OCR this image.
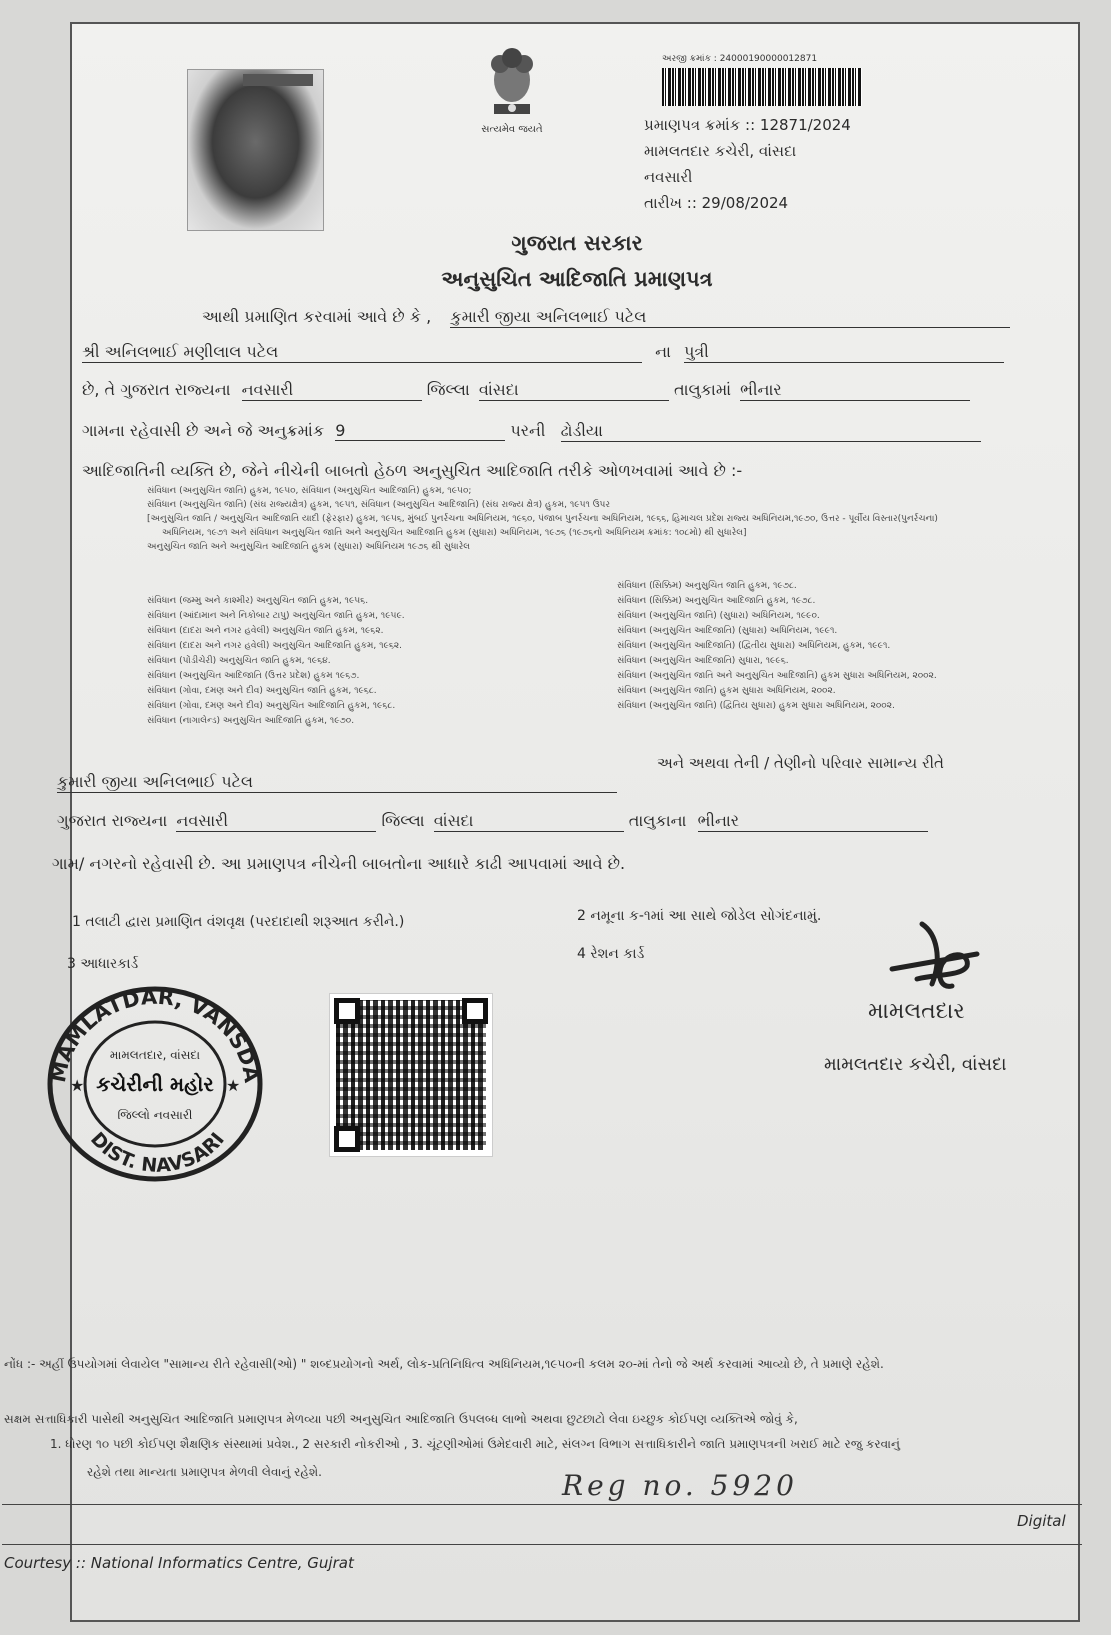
સત્યમેવ જયતે
અરજી ક્રમાંક : 24000190000012871
પ્રમાણપત્ર ક્રમાંક :: 12871/2024
મામલતદાર કચેરી, વાંસદા
નવસારી
તારીખ :: 29/08/2024
ગુજરાત સરકાર
અનુસુચિત આદિજાતિ પ્રમાણપત્ર
આથી પ્રમાણિત કરવામાં આવે છે કે , કુમારી જીયા અનિલભાઈ પટેલ
શ્રી અનિલભાઈ મણીલાલ પટેલ	ના પુત્રી
છે, તે ગુજરાત રાજ્યના નવસારી	જિલ્લા વાંસદા	તાલુકામાં ભીનાર
ગામના રહેવાસી છે અને જે અનુક્રમાંક 9	પરની ઢોડીયા
આદિજાતિની વ્યક્તિ છે, જેને નીચેની બાબતો હેઠળ અનુસુચિત આદિજાતિ તરીકે ઓળખવામાં આવે છે :-
સંવિધાન (અનુસુચિત જાતિ) હુકમ, ૧૯૫૦, સંવિધાન (અનુસુચિત આદિજાતિ) હુકમ, ૧૯૫૦;
સંવિધાન (અનુસુચિત જાતિ) (સંઘ રાજ્યક્ષેત્ર) હુકમ, ૧૯૫૧, સંવિધાન (અનુસુચિત આદિજાતિ) (સંઘ રાજ્ય ક્ષેત્ર) હુકમ, ૧૯૫૧ ઉપર
[અનુસુચિત જાતિ / અનુસુચિત આદિજાતિ યાદી (ફેરફાર) હુકમ, ૧૯૫૬, મુંબઈ પુનર્રચના અધિનિયમ, ૧૯૬૦, પંજાબ પુનર્રચના અધિનિયમ, ૧૯૬૬, હિમાચલ પ્રદેશ રાજ્ય અધિનિયમ,૧૯૭૦, ઉત્તર - પૂર્વીય વિસ્તાર(પુનર્રચના)
અધિનિયમ, ૧૯૭૧ અને સંવિધાન અનુસુચિત જાતિ અને અનુસુચિત આદિજાતિ હુકમ (સુધારા) અધિનિયમ, ૧૯૭૬ (૧૯૭૬નો અધિનિયમ ક્રમાંક: ૧૦૮મો) થી સુધારેલ]
અનુસુચિત જાતિ અને અનુસુચિત આદિજાતિ હુકમ (સુધારા) અધિનિયમ ૧૯૭૬ થી સુધારેલ
સંવિધાન (જમ્મુ અને કાશ્મીર) અનુસુચિત જાતિ હુકમ, ૧૯૫૬.
સંવિધાન (આંદામાન અને નિકોબાર ટાપુ) અનુસુચિત જાતિ હુકમ, ૧૯૫૯.
સંવિધાન (દાદરા અને નગર હવેલી) અનુસુચિત જાતિ હુકમ, ૧૯૬૨.
સંવિધાન (દાદરા અને નગર હવેલી) અનુસુચિત આદિજાતિ હુકમ, ૧૯૬૨.
સંવિધાન (પોંડીચેરી) અનુસુચિત જાતિ હુકમ, ૧૯૬૪.
સંવિધાન (અનુસુચિત આદિજાતિ (ઉત્તર પ્રદેશ) હુકમ ૧૯૬૭.
સંવિધાન (ગોવા, દમણ અને દીવ) અનુસુચિત જાતિ હુકમ, ૧૯૬૮.
સંવિધાન (ગોવા, દમણ અને દીવ) અનુસુચિત આદિજાતિ હુકમ, ૧૯૬૮.
સંવિધાન (નાગાલેન્ડ) અનુસુચિત આદિજાતિ હુકમ, ૧૯૭૦.
સંવિધાન (સિક્કિમ) અનુસુચિત જાતિ હુકમ, ૧૯૭૮.
સંવિધાન (સિક્કિમ) અનુસુચિત આદિજાતિ હુકમ, ૧૯૭૮.
સંવિધાન (અનુસુચિત જાતિ) (સુધારા) અધિનિયમ, ૧૯૯૦.
સંવિધાન (અનુસુચિત આદિજાતિ) (સુધારા) અધિનિયમ, ૧૯૯૧.
સંવિધાન (અનુસુચિત આદિજાતિ) (દ્વિતીય સુધારા) અધિનિયમ, હુકમ, ૧૯૯૧.
સંવિધાન (અનુસુચિત આદિજાતિ) સુધારા, ૧૯૯૬.
સંવિધાન (અનુસુચિત જાતિ અને અનુસુચિત આદિજાતિ) હુકમ સુધારા અધિનિયમ, ૨૦૦૨.
સંવિધાન (અનુસુચિત જાતિ) હુકમ સુધારા અધિનિયમ, ૨૦૦૨.
સંવિધાન (અનુસુચિત જાતિ) (દ્વિતિય સુધારા) હુકમ સુધારા અધિનિયમ, ૨૦૦૨.
કુમારી જીયા અનિલભાઈ પટેલ
અને અથવા તેની / તેણીનો પરિવાર સામાન્ય રીતે
ગુજરાત રાજ્યના નવસારી	જિલ્લા વાંસદા	તાલુકાના ભીનાર
ગામ/ નગરનો રહેવાસી છે. આ પ્રમાણપત્ર નીચેની બાબતોના આધારે કાઢી આપવામાં આવે છે.
1 તલાટી દ્વારા પ્રમાણિત વંશવૃક્ષ (પરદાદાથી શરૂઆત કરીને.)	2 નમૂના ક-૧માં આ સાથે જોડેલ સોગંદનામું.
3 આધારકાર્ડ
4 રેશન કાર્ડ
MAMLATDAR, VANSDA
DIST. NAVSARI
મામલતદાર, વાંસદા
કચેરીની મહોર
જિલ્લો નવસારી
★	★
મામલતદાર
મામલતદાર કચેરી, વાંસદા
નોંધ :- અહીં ઉપયોગમાં લેવાયેલ "સામાન્ય રીતે રહેવાસી(ઓ) " શબ્દપ્રયોગનો અર્થ, લોક-પ્રતિનિધિત્વ અધિનિયમ,૧૯૫૦ની કલમ ૨૦-માં તેનો જે અર્થ કરવામાં આવ્યો છે, તે પ્રમાણે રહેશે.
સક્ષમ સત્તાધિકારી પાસેથી અનુસુચિત આદિજાતિ પ્રમાણપત્ર મેળવ્યા પછી અનુસુચિત આદિજાતિ ઉપલબ્ધ લાભો અથવા છુટછાટો લેવા ઇચ્છુક કોઈપણ વ્યક્તિએ જોવું કે,
1. ધોરણ ૧૦ પછી કોઈપણ શૈક્ષણિક સંસ્થામાં પ્રવેશ., 2 સરકારી નોકરીઓ , 3. ચૂંટણીઓમાં ઉમેદવારી માટે, સંલગ્ન વિભાગ સત્તાધિકારીને જાતિ પ્રમાણપત્રની ખરાઈ માટે રજુ કરવાનું
રહેશે તથા માન્યતા પ્રમાણપત્ર મેળવી લેવાનું રહેશે.	Reg no. 5920
Digital
Courtesy :: National Informatics Centre, Gujrat
